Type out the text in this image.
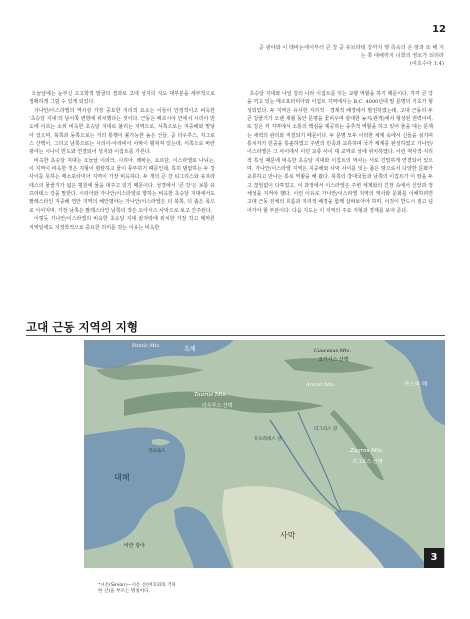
12
곧 광야와 이 레바논에서부터 큰 강 곧 유브라데 강까지 헷 족속의 온 땅과 또 해 지는 쪽 대해까지 너희의 영토가 되리라
(여호수아 1:4)

오늘날에는 눈부신 고고학적 발굴의 결과로 고대 성지의 지도 대부분을 세부적으로 정확하게 그릴 수 있게 되었다.

가나안/이스라엘의 역사상 가장 중요한 지리적 요소는 이들이 안정적이고 비옥한 ‘초승달 지대’의 남서쪽 변방에 위치했다는 것이다. 근동은 페르시아 만에서 시리아 반도에 이르는 소위 비옥한 초승달 지대로 불리는 지역으로, 서쪽으로는 지중해와 맞닿아 있으며, 북쪽과 동쪽으로는 거의 통행이 불가능한 높은 산들, 곧 타우루스, 자그로스 산맥이, 그리고 남쪽으로는 시리아-아라비아 사막이 펼쳐져 있는데, 서쪽으로 바란 광야는 시나이 반도와 연결되어 성지와 이집트를 가른다.

비옥한 초승달 지대는 오늘날 이라크, 시리아, 레바논, 요르단, 이스라엘로 나뉘는, 이 지역이 비옥한 것은 지형이 평탄하고 물이 풍부하기 때문인데, 특히 범람하는 두 강 사이를 뜻하는 메소포타미아 지역이 가장 비옥하다. 두 개의 큰 강 티그리스와 유프라테스의 물줄기가 넓은 평원에 물을 대주고 있기 때문이다. 성경에서 ‘큰 강’은 보통 유프라테스 강을 말한다. 시리아와 가나안/이스라엘로 향하는 비옥한 초승달 지대에서도 팔레스타인 지중해 연안 지역의 해안평야는 가나안/이스라엘은 더 북쪽, 더 좁은 폭으로 이어지며, 가장 남쪽은 팔레스타인 남쪽의 작은 오아시스 사막으로 보고 간주된다.

이렇듯 가나안/이스라엘의 비옥한 초승달 지대 끝자락에 위치한 가장 작고 메마른 지역임에도 지정학적으로 중요한 의미를 갖는 이유는 비옥한

초승달 지대와 나일 강의 나라 이집트를 잇는 교량 역할을 하기 때문이다. 각각 큰 강을 끼고 있는 메소포타미아와 이집트 지역에서는 B.C. 4000년대 말 문명의 기초가 형성되었다. 두 지역은 유사한 지리적 · 경제적 배경에서 발전하였는데, 고대 근동의 두 큰 강줄기가 오랜 세월 동안 문명을 꽃피우며 광대한 농지(관개)에서 형성된 권력이며, 또 강은 각 지역에서 소통의 핵심을 제공하는 중추적 역할을 하고 있어 물을 대는 문제는 세력의 관리와 직결되기 때문이다. 두 문명 모두 이러한 체계 속에서 신들을 섬기며 통치자가 민중을 통솔하였고 주변의 민족과 교류하며 국가 체계를 완성하였고 가나안/이스라엘은 그 사이에서 이런 교류 사이 대 교역로 상에 위치하였다. 이런 역사적·지리적 특성 때문에 비옥한 초승달 지대와 이집트의 역사는 서로 긴밀하게 연결되어 있으며, 가나안/이스라엘 지역은 지중해와 사막 사이를 잇는 좁은 땅으로서 다양한 문화가 교류하고 만나는 통로 역할을 해 왔다. 북쪽의 강대국들과 남쪽의 이집트가 이 땅을 두고 끊임없이 다투었고, 이 과정에서 이스라엘은 주변 세계와의 긴장 속에서 신앙과 정체성을 지켜야 했다. 이런 이유로 가나안/이스라엘 지역의 역사와 문화를 이해하려면 고대 근동 전체의 흐름과 지리적 배경을 함께 살펴보아야 하며, 이것이 반드시 짚고 넘어가야 할 부분이다. 다음 지도는 이 지역의 주요 지형과 경계를 보여 준다.

고대 근동 지역의 지형
Pontic Mts.
Caucasus Mts.
코카서스 산맥
흑해
카스피 해
Ararat Mts.
Taurus Mts.
타우루스 산맥
Zagros Mts.
자그로스 산맥
대해
키프로스
사막
바란 광야
유프라테스 강
티그리스 강
3
*시온(Sinion)—시온 산(여호와의 거룩한 산)을 부르는 명칭이다.
